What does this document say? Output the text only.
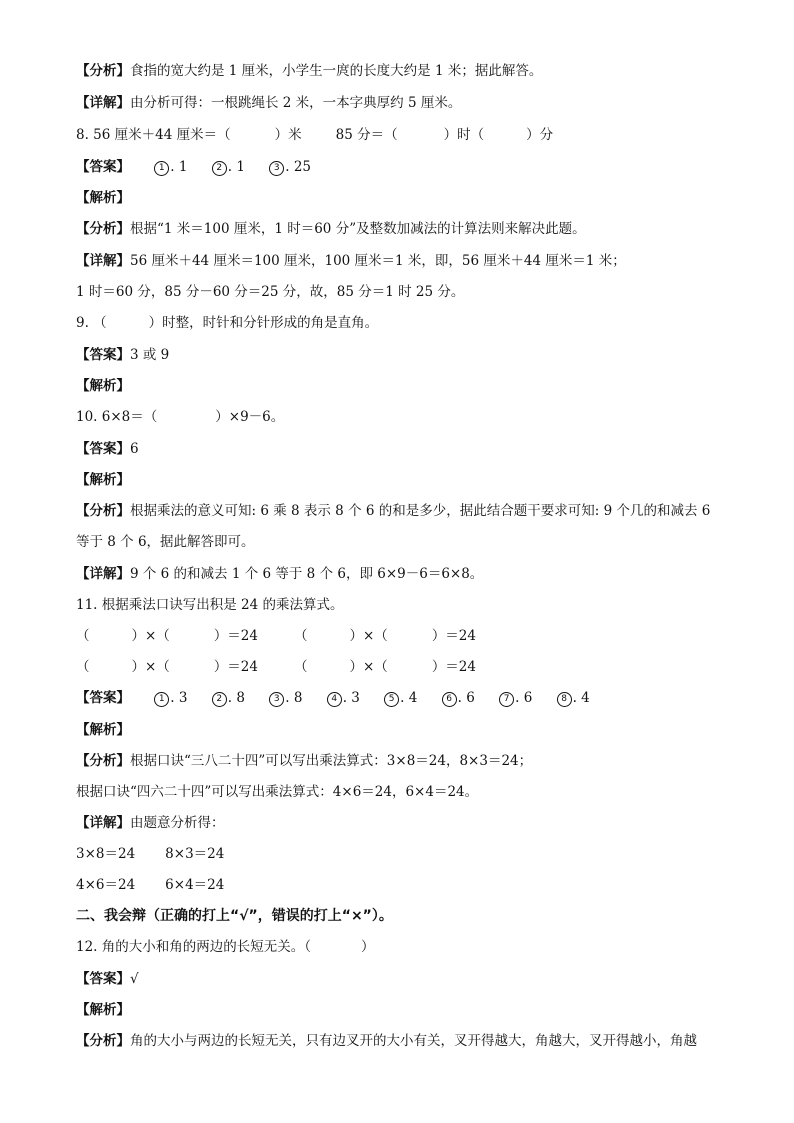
【分析】食指的宽大约是 1 厘米，小学生一庹的长度大约是 1 米；据此解答。
【详解】由分析可得：一根跳绳长 2 米，一本字典厚约 5 厘米。
8. 56 厘米＋44 厘米＝（	）米	85 分＝（	）时（	）分
【答案】	1 . 1	2 . 1	3 . 25
【解析】
【分析】根据“1 米＝100 厘米，1 时＝60 分”及整数加减法的计算法则来解决此题。
【详解】56 厘米＋44 厘米＝100 厘米，100 厘米＝1 米，即，56 厘米＋44 厘米＝1 米；
1 时＝60 分，85 分－60 分＝25 分，故，85 分＝1 时 25 分。
9. （	）时整，时针和分针形成的角是直角。
【答案】3 或 9
【解析】
10. 6×8＝（	）×9－6。
【答案】6
【解析】
【分析】根据乘法的意义可知: 6 乘 8 表示 8 个 6 的和是多少，据此结合题干要求可知: 9 个几的和减去 6
等于 8 个 6，据此解答即可。
【详解】9 个 6 的和减去 1 个 6 等于 8 个 6，即 6×9－6＝6×8。
11. 根据乘法口诀写出积是 24 的乘法算式。
（	）×（	）＝24	（	）×（	）＝24
（	）×（	）＝24	（	）×（	）＝24
【答案】	1 . 3	2 . 8	3 . 8	4 . 3	5 . 4	6 . 6	7 . 6	8 . 4
【解析】
【分析】根据口诀“三八二十四”可以写出乘法算式：3×8＝24，8×3＝24；
根据口诀“四六二十四”可以写出乘法算式：4×6＝24，6×4＝24。
【详解】由题意分析得：
3×8＝24 8×3＝24
4×6＝24 6×4＝24
二、我会辩（正确的打上“√”，错误的打上“×”）。
12. 角的大小和角的两边的长短无关。（	）
【答案】√
【解析】
【分析】角的大小与两边的长短无关，只有边叉开的大小有关，叉开得越大，角越大，叉开得越小，角越
